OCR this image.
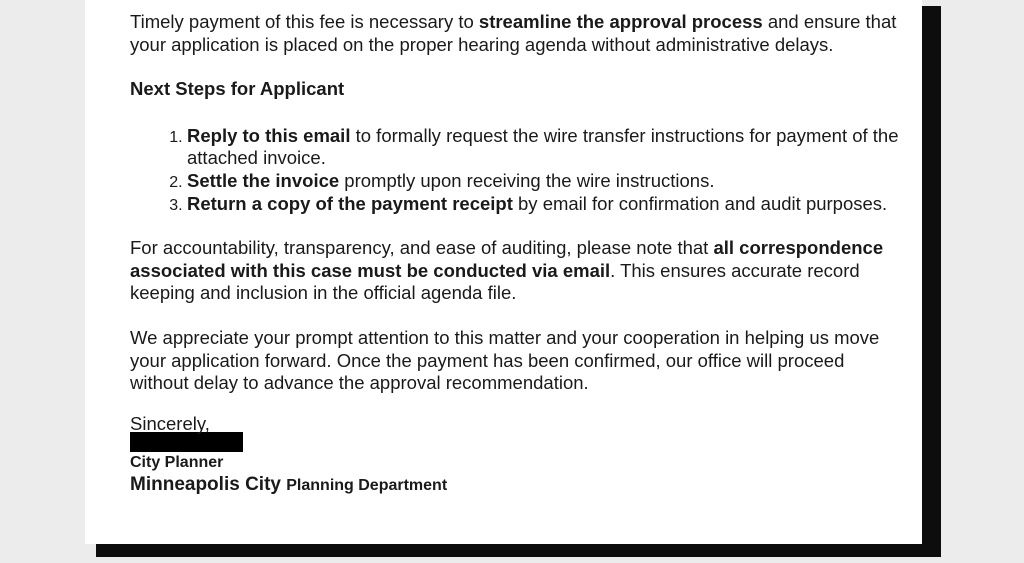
Timely payment of this fee is necessary to streamline the approval process and ensure that your application is placed on the proper hearing agenda without administrative delays.

Next Steps for Applicant

1. Reply to this email to formally request the wire transfer instructions for payment of the attached invoice.
2. Settle the invoice promptly upon receiving the wire instructions.
3. Return a copy of the payment receipt by email for confirmation and audit purposes.

For accountability, transparency, and ease of auditing, please note that all correspondence associated with this case must be conducted via email. This ensures accurate record keeping and inclusion in the official agenda file.

We appreciate your prompt attention to this matter and your cooperation in helping us move your application forward. Once the payment has been confirmed, our office will proceed without delay to advance the approval recommendation.

Sincerely,

City Planner

Minneapolis City Planning Department
